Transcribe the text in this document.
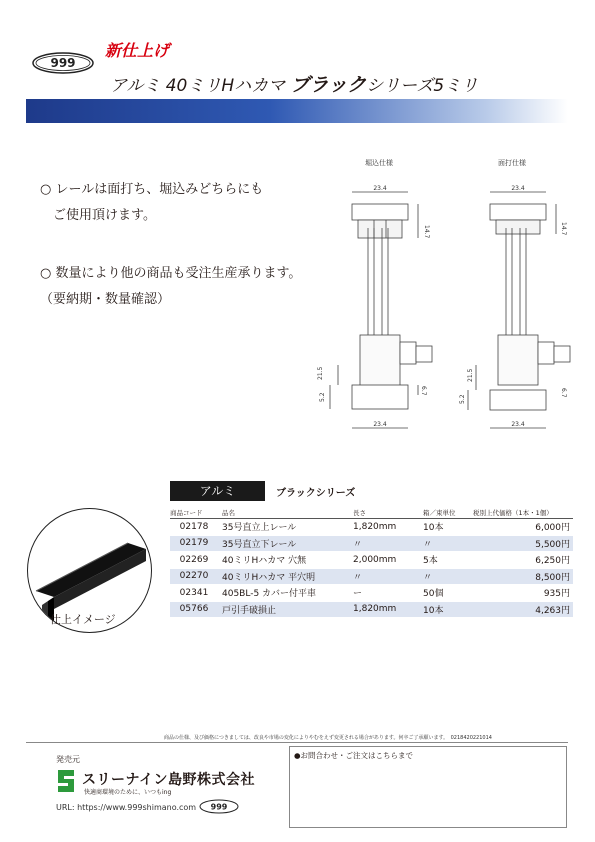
999
新仕上げ
アルミ 40ミリHハカマ ブラックシリーズ5ミリ
○ レールは面打ち、堀込みどちらにも
　ご使用頂けます。
○ 数量により他の商品も受注生産承ります。
（要納期・数量確認）
23.4
23.4
14.7
21.5
5.2
6.7
23.4
23.4
14.7
21.5
5.2
6.7
堀込仕様	面打仕様
仕上イメージ
アルミ	ブラックシリーズ
商品コード	品名	長さ	箱／束単位	税別上代価格（1本・1個）
02178	35号直立上レール	1,820mm	10本	6,000円
02179	35号直立下レール	〃	〃	5,500円
02269	40ミリHハカマ 穴無	2,000mm	5本	6,250円
02270	40ミリHハカマ 平穴明	〃	〃	8,500円
02341	405BL-5 カバー付平車	ー	50個	935円
05766	戸引手破損止	1,820mm	10本	4,263円
商品の仕様、及び価格につきましては、改良や市場の変化によりやむをえず変更される場合があります。何卒ご了承願います。　0218420221014
発売元
スリーナイン島野株式会社
快適商環境のために、いつもing
URL: https://www.999shimano.com 999
●お問合わせ・ご注文はこちらまで
